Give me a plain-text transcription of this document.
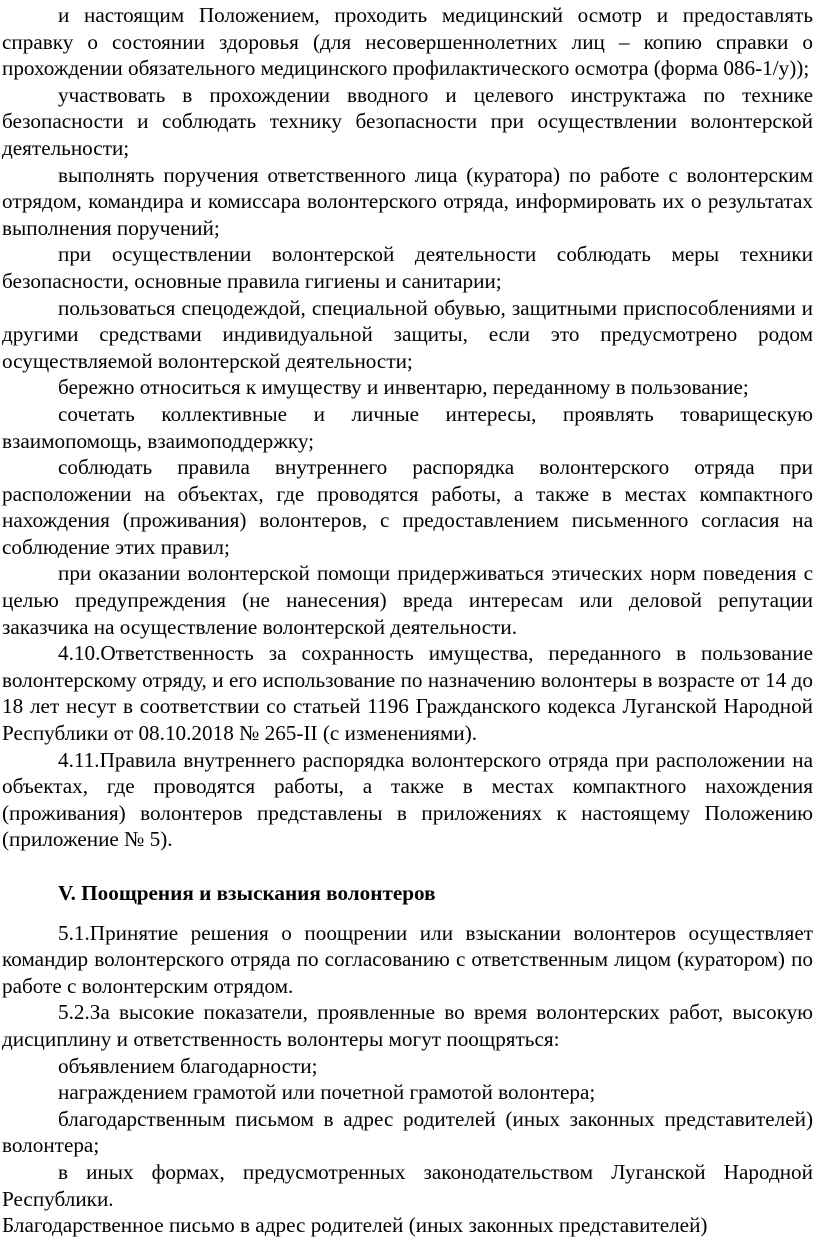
и настоящим Положением, проходить медицинский осмотр и предоставлять справку о состоянии здоровья (для несовершеннолетних лиц – копию справки о прохождении обязательного медицинского профилактического осмотра (форма 086-1/у));

участвовать в прохождении вводного и целевого инструктажа по технике безопасности и соблюдать технику безопасности при осуществлении волонтерской деятельности;

выполнять поручения ответственного лица (куратора) по работе с волонтерским отрядом, командира и комиссара волонтерского отряда, информировать их о результатах выполнения поручений;

при осуществлении волонтерской деятельности соблюдать меры техники безопасности, основные правила гигиены и санитарии;

пользоваться спецодеждой, специальной обувью, защитными приспособлениями и другими средствами индивидуальной защиты, если это предусмотрено родом осуществляемой волонтерской деятельности;

бережно относиться к имуществу и инвентарю, переданному в пользование;

сочетать коллективные и личные интересы, проявлять товарищескую взаимопомощь, взаимоподдержку;

соблюдать правила внутреннего распорядка волонтерского отряда при расположении на объектах, где проводятся работы, а также в местах компактного нахождения (проживания) волонтеров, с предоставлением письменного согласия на соблюдение этих правил;

при оказании волонтерской помощи придерживаться этических норм поведения с целью предупреждения (не нанесения) вреда интересам или деловой репутации заказчика на осуществление волонтерской деятельности.

4.10.Ответственность за сохранность имущества, переданного в пользование волонтерскому отряду, и его использование по назначению волонтеры в возрасте от 14 до 18 лет несут в соответствии со статьей 1196 Гражданского кодекса Луганской Народной Республики от 08.10.2018 № 265-II (с изменениями).

4.11.Правила внутреннего распорядка волонтерского отряда при расположении на объектах, где проводятся работы, а также в местах компактного нахождения (проживания) волонтеров представлены в приложениях к настоящему Положению (приложение № 5).

V. Поощрения и взыскания волонтеров

5.1.Принятие решения о поощрении или взыскании волонтеров осуществляет командир волонтерского отряда по согласованию с ответственным лицом (куратором) по работе с волонтерским отрядом.

5.2.За высокие показатели, проявленные во время волонтерских работ, высокую дисциплину и ответственность волонтеры могут поощряться:

объявлением благодарности;

награждением грамотой или почетной грамотой волонтера;

благодарственным письмом в адрес родителей (иных законных представителей) волонтера;

в иных формах, предусмотренных законодательством Луганской Народной Республики.

Благодарственное письмо в адрес родителей (иных законных представителей)
